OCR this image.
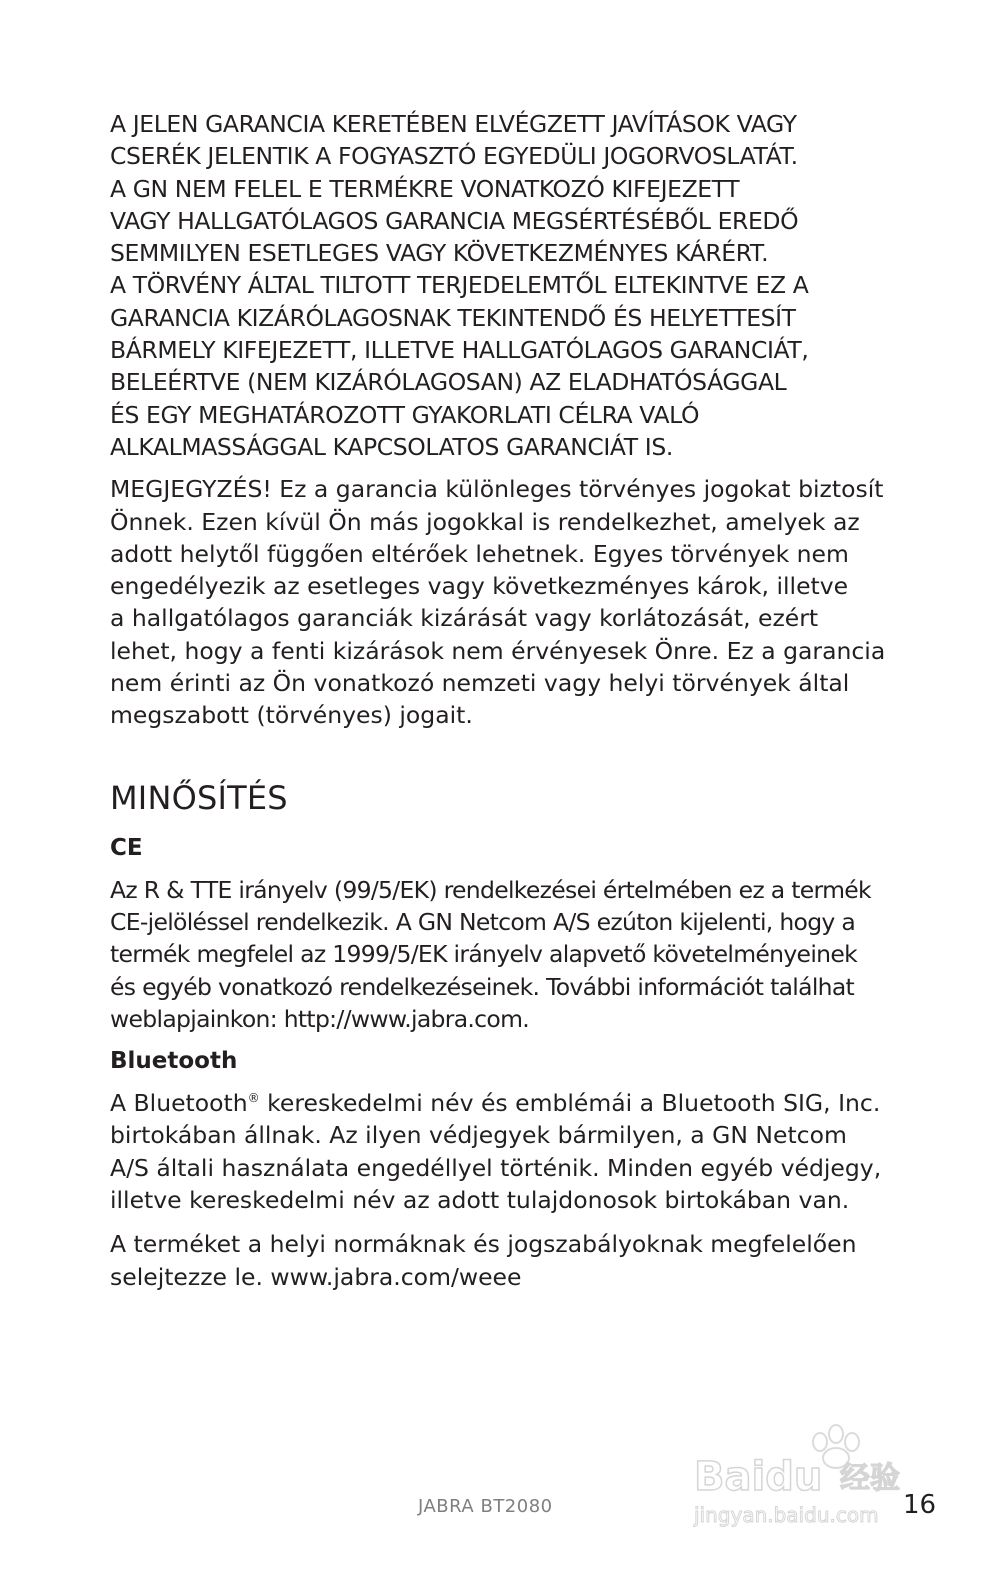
A JELEN GARANCIA KERETÉBEN ELVÉGZETT JAVÍTÁSOK VAGY
CSERÉK JELENTIK A FOGYASZTÓ EGYEDÜLI JOGORVOSLATÁT.
A GN NEM FELEL E TERMÉKRE VONATKOZÓ KIFEJEZETT
VAGY HALLGATÓLAGOS GARANCIA MEGSÉRTÉSÉBŐL EREDŐ
SEMMILYEN ESETLEGES VAGY KÖVETKEZMÉNYES KÁRÉRT.
A TÖRVÉNY ÁLTAL TILTOTT TERJEDELEMTŐL ELTEKINTVE EZ A
GARANCIA KIZÁRÓLAGOSNAK TEKINTENDŐ ÉS HELYETTESÍT
BÁRMELY KIFEJEZETT, ILLETVE HALLGATÓLAGOS GARANCIÁT,
BELEÉRTVE (NEM KIZÁRÓLAGOSAN) AZ ELADHATÓSÁGGAL
ÉS EGY MEGHATÁROZOTT GYAKORLATI CÉLRA VALÓ
ALKALMASSÁGGAL KAPCSOLATOS GARANCIÁT IS.

MEGJEGYZÉS! Ez a garancia különleges törvényes jogokat biztosít
Önnek. Ezen kívül Ön más jogokkal is rendelkezhet, amelyek az
adott helytől függően eltérőek lehetnek. Egyes törvények nem
engedélyezik az esetleges vagy következményes károk, illetve
a hallgatólagos garanciák kizárását vagy korlátozását, ezért
lehet, hogy a fenti kizárások nem érvényesek Önre. Ez a garancia
nem érinti az Ön vonatkozó nemzeti vagy helyi törvények által
megszabott (törvényes) jogait.

MINŐSÍTÉS
CE

Az R & TTE irányelv (99/5/EK) rendelkezései értelmében ez a termék
CE-jelöléssel rendelkezik. A GN Netcom A/S ezúton kijelenti, hogy a
termék megfelel az 1999/5/EK irányelv alapvető követelményeinek
és egyéb vonatkozó rendelkezéseinek. További információt találhat
weblapjainkon: http://www.jabra.com.

Bluetooth

A Bluetooth® kereskedelmi név és emblémái a Bluetooth SIG, Inc.
birtokában állnak. Az ilyen védjegyek bármilyen, a GN Netcom
A/S általi használata engedéllyel történik. Minden egyéb védjegy,
illetve kereskedelmi név az adott tulajdonosok birtokában van.

A terméket a helyi normáknak és jogszabályoknak megfelelően
selejtezze le. www.jabra.com/weee

Baidu 经验
jingyan.baidu.com
JABRA BT2080	16
